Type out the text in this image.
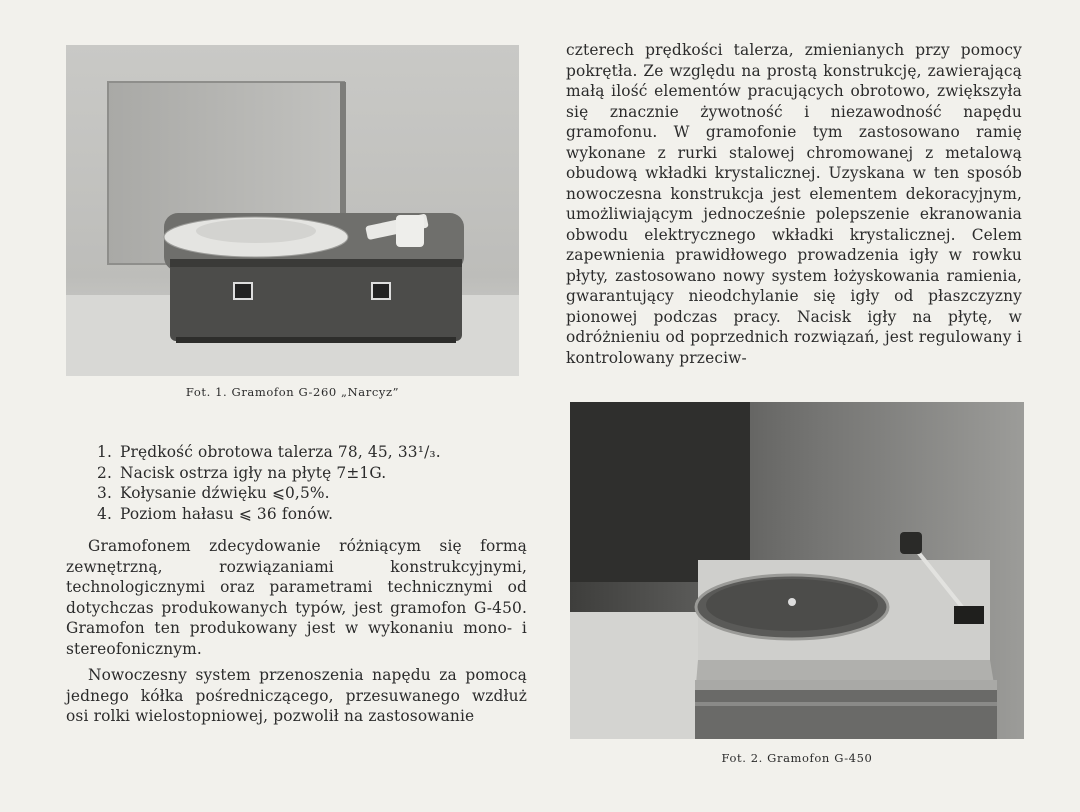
Fot. 1. Gramofon G-260 „Narcyz”
1. Prędkość obrotowa talerza 78, 45, 33¹/₃.
2. Nacisk ostrza igły na płytę 7±1G.
3. Kołysanie dźwięku ⩽0,5%.
4. Poziom hałasu ⩽ 36 fonów.

Gramofonem zdecydowanie różniącym się formą zewnętrzną, rozwiązaniami konstrukcyjnymi, technologicznymi oraz parametrami technicznymi od dotychczas produkowanych typów, jest gramofon G-450. Gramofon ten produkowany jest w wykonaniu mono- i stereofonicznym.

Nowoczesny system przenoszenia napędu za pomocą jednego kółka pośredniczącego, przesuwanego wzdłuż osi rolki wielostopniowej, pozwolił na zastosowanie

czterech prędkości talerza, zmienianych przy pomocy pokrętła. Ze względu na prostą konstrukcję, zawierającą małą ilość elementów pracujących obrotowo, zwiększyła się znacznie żywotność i niezawodność napędu gramofonu. W gramofonie tym zastosowano ramię wykonane z rurki stalowej chromowanej z metalową obudową wkładki krystalicznej. Uzyskana w ten sposób nowoczesna konstrukcja jest elementem dekoracyjnym, umożliwiającym jednocześnie polepszenie ekranowania obwodu elektrycznego wkładki krystalicznej. Celem zapewnienia prawidłowego prowadzenia igły w rowku płyty, zastosowano nowy system łożyskowania ramienia, gwarantujący nieodchylanie się igły od płaszczyzny pionowej podczas pracy. Nacisk igły na płytę, w odróżnieniu od poprzednich rozwiązań, jest regulowany i kontrolowany przeciw-

Fot. 2. Gramofon G-450
